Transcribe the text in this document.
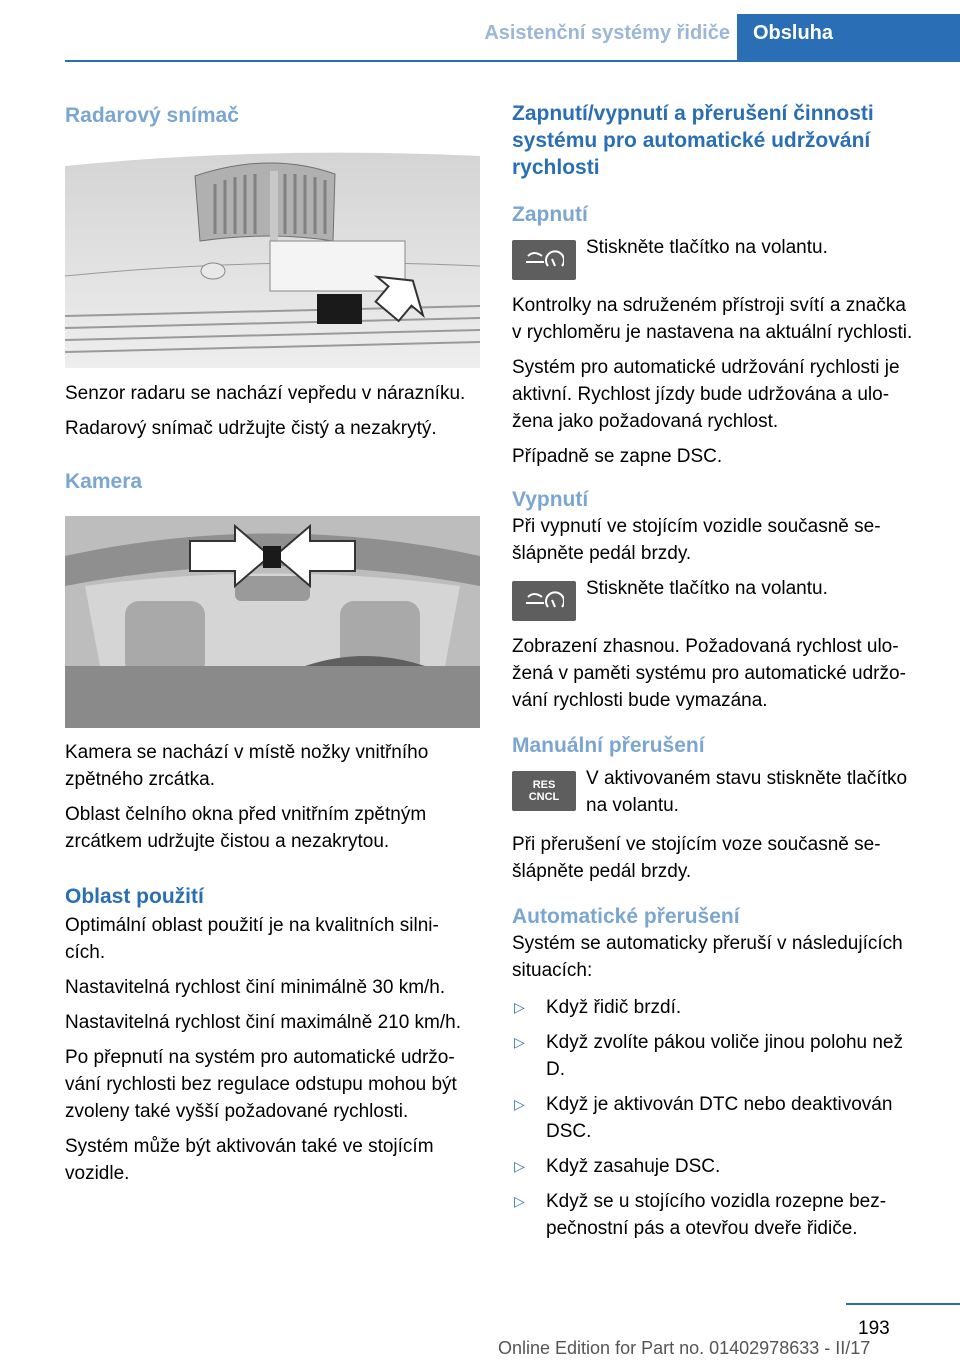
Asistenční systémy řidiče	Obsluha
Radarový snímač

Senzor radaru se nachází vepředu v nárazníku.

Radarový snímač udržujte čistý a nezakrytý.

Kamera

Kamera se nachází v místě nožky vnitřního
zpětného zrcátka.

Oblast čelního okna před vnitřním zpětným
zrcátkem udržujte čistou a nezakrytou.

Oblast použití

Optimální oblast použití je na kvalitních silni‐
cích.

Nastavitelná rychlost činí minimálně 30 km/h.

Nastavitelná rychlost činí maximálně 210 km/h.

Po přepnutí na systém pro automatické udržo‐
vání rychlosti bez regulace odstupu mohou být
zvoleny také vyšší požadované rychlosti.

Systém může být aktivován také ve stojícím
vozidle.

Zapnutí/vypnutí a přerušení činnosti
systému pro automatické udržování
rychlosti
Zapnutí
Stiskněte tlačítko na volantu.

Kontrolky na sdruženém přístroji svítí a značka
v rychloměru je nastavena na aktuální rychlosti.

Systém pro automatické udržování rychlosti je
aktivní. Rychlost jízdy bude udržována a ulo‐
žena jako požadovaná rychlost.

Případně se zapne DSC.

Vypnutí

Při vypnutí ve stojícím vozidle současně se‐
šlápněte pedál brzdy.

Stiskněte tlačítko na volantu.

Zobrazení zhasnou. Požadovaná rychlost ulo‐
žená v paměti systému pro automatické udržo‐
vání rychlosti bude vymazána.

Manuální přerušení
RES
CNCL
V aktivovaném stavu stiskněte tlačítko
na volantu.

Při přerušení ve stojícím voze současně se‐
šlápněte pedál brzdy.

Automatické přerušení

Systém se automaticky přeruší v následujících
situacích:

▷ Když řidič brzdí.
▷ Když zvolíte pákou voliče jinou polohu než
D.
▷ Když je aktivován DTC nebo deaktivován
DSC.
▷ Když zasahuje DSC.
▷ Když se u stojícího vozidla rozepne bez‐
pečnostní pás a otevřou dveře řidiče.
193
Online Edition for Part no. 01402978633 - II/17
